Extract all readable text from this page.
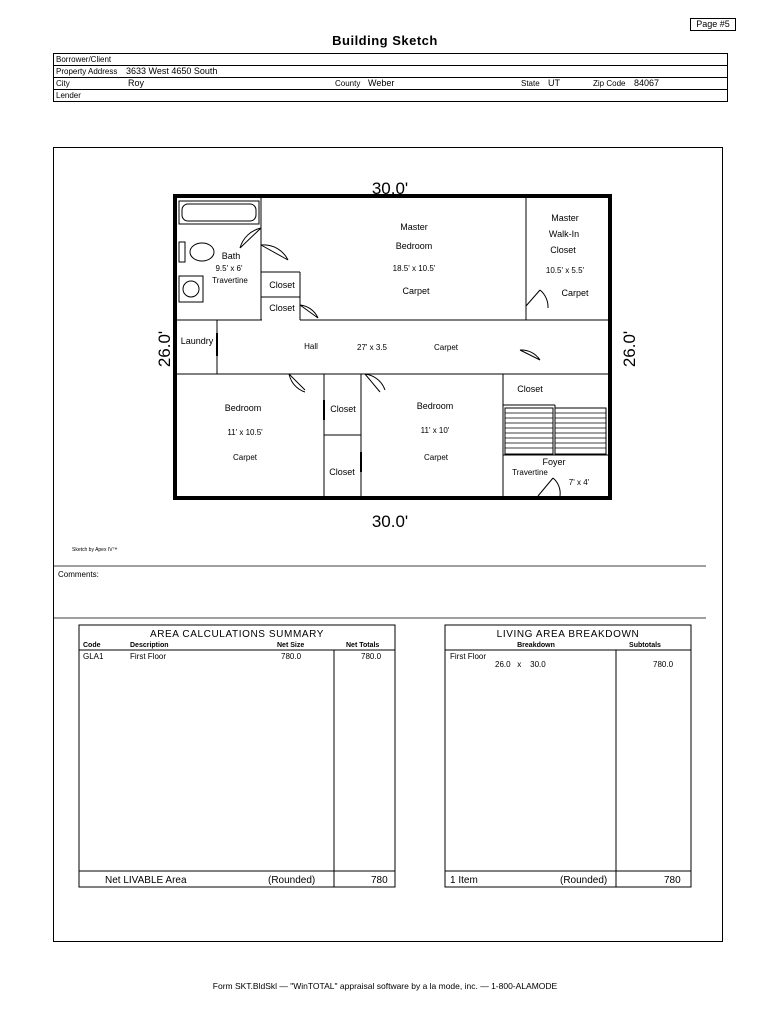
Page #5
Building Sketch
Borrower/Client
Property Address 3633 West 4650 South
City	Roy	County Weber	State UT	Zip Code 84067
Lender
30.0'
30.0'
26.0'	26.0'
Master
Bedroom
18.5' x 10.5'
Carpet
Master
Walk-In
Closet
10.5' x 5.5'
Carpet
Bath
9.5' x 6'
Travertine Closet
Closet
Laundry
Hall	27' x 3.5	Carpet
Bedroom
11' x 10.5'
Carpet
Closet
Closet
Bedroom
11' x 10'
Carpet
Closet
Foyer
Travertine
7' x 4'
Sketch by Apex IV™
Comments:
AREA CALCULATIONS SUMMARY
Code	Description	Net Size	Net Totals
GLA1	First Floor	780.0	780.0
Net LIVABLE Area	(Rounded)	780
LIVING AREA BREAKDOWN
Breakdown	Subtotals
First Floor
26.0   x    30.0	780.0
1 Item	(Rounded)	780
Form SKT.BldSkl — "WinTOTAL" appraisal software by a la mode, inc. — 1-800-ALAMODE
